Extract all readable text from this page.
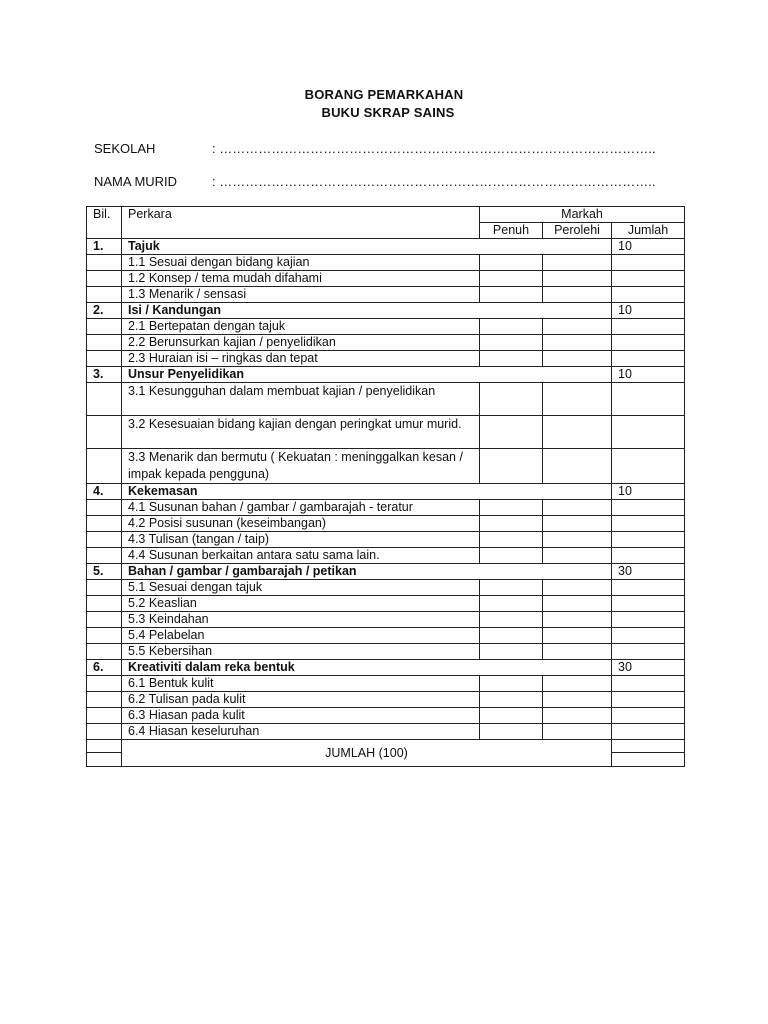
BORANG PEMARKAHAN
BUKU SKRAP SAINS
SEKOLAH	: ………………………………………………………………………………………..
NAMA MURID	: ………………………………………………………………………………………..
Bil.	Perkara	Markah		
		Penuh	Perolehi	Jumlah
1.	Tajuk			10
	1.1 Sesuai dengan bidang kajian			
	1.2 Konsep / tema mudah difahami			
	1.3 Menarik / sensasi			
2.	Isi / Kandungan			10
	2.1 Bertepatan dengan tajuk			
	2.2 Berunsurkan kajian / penyelidikan			
	2.3 Huraian isi – ringkas dan tepat			
3.	Unsur Penyelidikan			10
	3.1 Kesungguhan dalam membuat kajian / penyelidikan			
	3.2 Kesesuaian bidang kajian dengan peringkat umur murid.			
	3.3 Menarik dan bermutu ( Kekuatan : meninggalkan kesan / impak kepada pengguna)			
4.	Kekemasan			10
	4.1 Susunan bahan / gambar / gambarajah - teratur			
	4.2 Posisi susunan (keseimbangan)			
	4.3 Tulisan (tangan / taip)			
	4.4 Susunan berkaitan antara satu sama lain.			
5.	Bahan / gambar / gambarajah / petikan			30
	5.1 Sesuai dengan tajuk			
	5.2 Keaslian			
	5.3 Keindahan			
	5.4 Pelabelan			
	5.5 Kebersihan			
6.	Kreativiti dalam reka bentuk			30
	6.1 Bentuk kulit			
	6.2 Tulisan pada kulit			
	6.3 Hiasan pada kulit			
	6.4 Hiasan keseluruhan			
	JUMLAH (100)			
